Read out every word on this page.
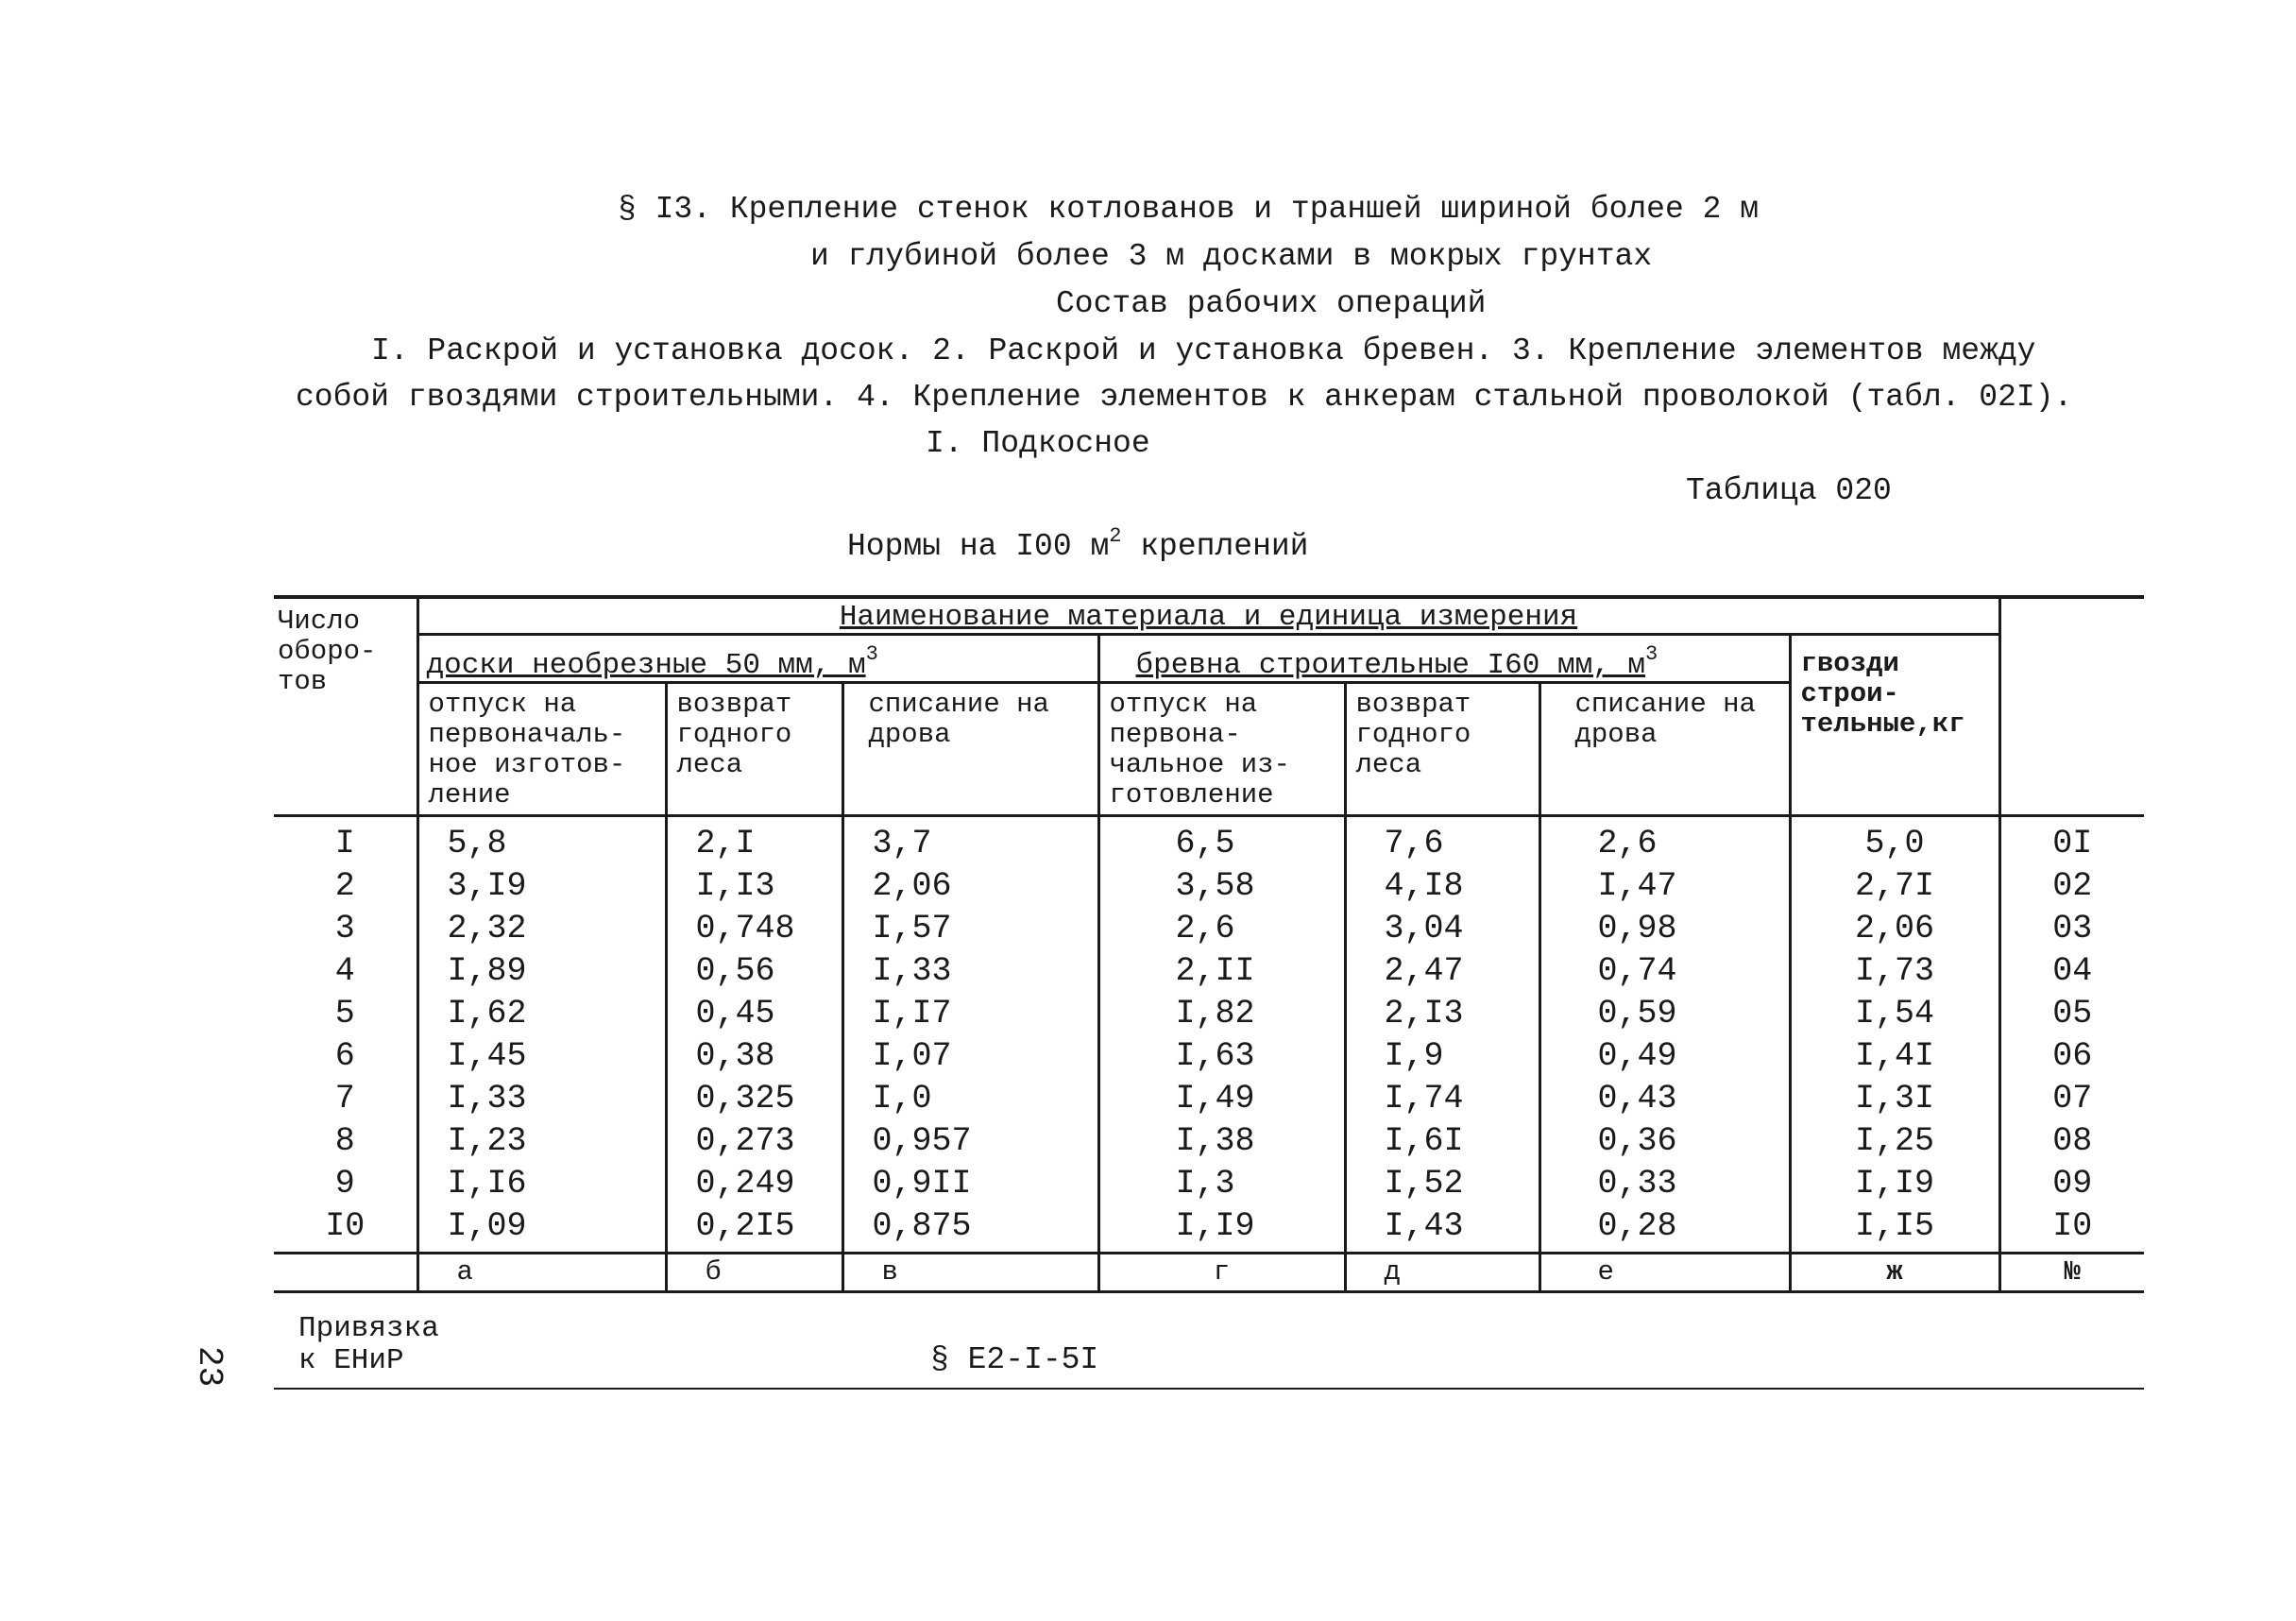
§ I3. Крепление стенок котлованов и траншей шириной более 2 м
и глубиной более 3 м досками в мокрых грунтах
Состав рабочих операций
I. Раскрой и установка досок. 2. Раскрой и установка бревен. 3. Крепление элементов между
собой гвоздями строительными. 4. Крепление элементов к анкерам стальной проволокой (табл. 02I).
I. Подкосное
Таблица 020
Нормы на I00 $м^2$ креплений
Число оборо-тов	Наименование материала и единица измерения							
	доски необрезные 50 мм, $м^3$			бревна строительные I60 мм, $м^3$			гвозди строи-тельные,кг	
	отпуск на первоначаль-ное изготов-ление	возврат годного леса	списание на дрова	отпуск на первона-чальное из-готовление	возврат годного леса	списание на дрова		
I	5,8	2,I	3,7	6,5	7,6	2,6	5,0	0I
2	3,I9	I,I3	2,06	3,58	4,I8	I,47	2,7I	02
3	2,32	0,748	I,57	2,6	3,04	0,98	2,06	03
4	I,89	0,56	I,33	2,II	2,47	0,74	I,73	04
5	I,62	0,45	I,I7	I,82	2,I3	0,59	I,54	05
6	I,45	0,38	I,07	I,63	I,9	0,49	I,4I	06
7	I,33	0,325	I,0	I,49	I,74	0,43	I,3I	07
8	I,23	0,273	0,957	I,38	I,6I	0,36	I,25	08
9	I,I6	0,249	0,9II	I,3	I,52	0,33	I,I9	09
I0	I,09	0,2I5	0,875	I,I9	I,43	0,28	I,I5	I0
	а	б	в	г	д	е	ж	№
Привязка
к ЕНиР	§ Е2-I-5I
23
